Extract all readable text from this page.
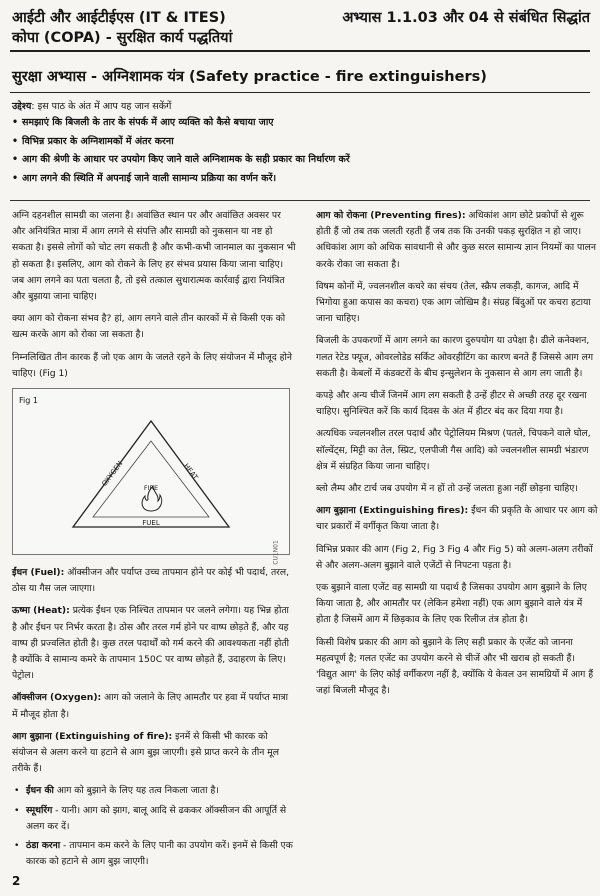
आईटी और आईटीईएस (IT & ITES)
कोपा (COPA) - सुरक्षित कार्य पद्धतियां
अभ्यास 1.1.03 और 04 से संबंधित सिद्धांत
सुरक्षा अभ्यास - अग्निशामक यंत्र (Safety practice - fire extinguishers)
उद्देश्य: इस पाठ के अंत में आप यह जान सकेंगें
• समझाएं कि बिजली के तार के संपर्क में आए व्यक्ति को कैसे बचाया जाए
• विभिन्न प्रकार के अग्निशामकों में अंतर करना
• आग की श्रेणी के आधार पर उपयोग किए जाने वाले अग्निशामक के सही प्रकार का निर्धारण करें
• आग लगने की स्थिति में अपनाई जाने वाली सामान्य प्रक्रिया का वर्णन करें।

अग्नि दहनशील सामग्री का जलना है। अवांछित स्थान पर और अवांछित अवसर पर और अनियंत्रित मात्रा में आग लगने से संपत्ति और सामग्री को नुकसान या नष्ट हो सकता है। इससे लोगों को चोट लग सकती है और कभी-कभी जानमाल का नुकसान भी हो सकता है। इसलिए, आग को रोकने के लिए हर संभव प्रयास किया जाना चाहिए। जब आग लगने का पता चलता है, तो इसे तत्काल सुधारात्मक कार्रवाई द्वारा नियंत्रित और बुझाया जाना चाहिए।

क्या आग को रोकना संभव है? हां, आग लगने वाले तीन कारकों में से किसी एक को खत्म करके आग को रोका जा सकता है।

निम्नलिखित तीन कारक हैं जो एक आग के जलते रहने के लिए संयोजन में मौजूद होने चाहिए। (Fig 1)

Fig 1
OXYGEN	HEAT
FIRE
FUEL
CU1N01

ईंधन (Fuel): ऑक्सीजन और पर्याप्त उच्च तापमान होने पर कोई भी पदार्थ, तरल, ठोस या गैस जल जाएगा।

ऊष्मा (Heat): प्रत्येक ईंधन एक निश्चित तापमान पर जलने लगेगा। यह भिन्न होता है और ईंधन पर निर्भर करता है। ठोस और तरल गर्म होने पर वाष्प छोड़ते हैं, और यह वाष्प ही प्रज्वलित होती है। कुछ तरल पदार्थों को गर्म करने की आवश्यकता नहीं होती है क्योंकि वे सामान्य कमरे के तापमान 150C पर वाष्प छोड़ते हैं, उदाहरण के लिए। पेट्रोल।

ऑक्सीजन (Oxygen): आग को जलाने के लिए आमतौर पर हवा में पर्याप्त मात्रा में मौजूद होता है।

आग बुझाना (Extinguishing of fire): इनमें से किसी भी कारक को संयोजन से अलग करने या हटाने से आग बुझ जाएगी। इसे प्राप्त करने के तीन मूल तरीके हैं।

• ईंधन की आग को बुझाने के लिए यह तत्व निकला जाता है।
• स्मूथरिंग - यानी। आग को झाग, बालू आदि से ढककर ऑक्सीजन की आपूर्ति से अलग कर दें।
• ठंडा करना - तापमान कम करने के लिए पानी का उपयोग करें। इनमें से किसी एक कारक को हटाने से आग बुझ जाएगी।

आग को रोकना (Preventing fires): अधिकांश आग छोटे प्रकोपों से शुरू होती हैं जो तब तक जलती रहती हैं जब तक कि उनकी पकड़ सुरक्षित न हो जाए। अधिकांश आग को अधिक सावधानी से और कुछ सरल सामान्य ज्ञान नियमों का पालन करके रोका जा सकता है।

विषम कोनों में, ज्वलनशील कचरे का संचय (तेल, स्क्रैप लकड़ी, कागज, आदि में भिगोया हुआ कपास का कचरा) एक आग जोखिम है। संग्रह बिंदुओं पर कचरा हटाया जाना चाहिए।

बिजली के उपकरणों में आग लगने का कारण दुरुपयोग या उपेक्षा है। ढीले कनेक्शन, गलत रेटेड फ्यूज, ओवरलोडेड सर्किट ओवरहीटिंग का कारण बनते हैं जिससे आग लग सकती है। केबलों में कंडक्टरों के बीच इन्सुलेशन के नुकसान से आग लग जाती है।

कपड़े और अन्य चीजें जिनमें आग लग सकती है उन्हें हीटर से अच्छी तरह दूर रखना चाहिए। सुनिश्चित करें कि कार्य दिवस के अंत में हीटर बंद कर दिया गया है।

अत्यधिक ज्वलनशील तरल पदार्थ और पेट्रोलियम मिश्रण (पतले, चिपकने वाले घोल, सॉल्वेंट्स, मिट्टी का तेल, स्प्रिट, एलपीजी गैस आदि) को ज्वलनशील सामग्री भंडारण क्षेत्र में संग्रहित किया जाना चाहिए।

ब्लो लैम्प और टार्च जब उपयोग में न हों तो उन्हें जलता हुआ नहीं छोड़ना चाहिए।

आग बुझाना (Extinguishing fires): ईंधन की प्रकृति के आधार पर आग को चार प्रकारों में वर्गीकृत किया जाता है।

विभिन्न प्रकार की आग (Fig 2, Fig 3 Fig 4 और Fig 5) को अलग-अलग तरीकों से और अलग-अलग बुझाने वाले एजेंटों से निपटना पड़ता है।

एक बुझाने वाला एजेंट वह सामग्री या पदार्थ है जिसका उपयोग आग बुझाने के लिए किया जाता है, और आमतौर पर (लेकिन हमेशा नहीं) एक आग बुझाने वाले यंत्र में होता है जिसमें आग में छिड़काव के लिए एक रिलीज तंत्र होता है।

किसी विशेष प्रकार की आग को बुझाने के लिए सही प्रकार के एजेंट को जानना महत्वपूर्ण है; गलत एजेंट का उपयोग करने से चीजें और भी खराब हो सकती हैं। 'विद्युत आग' के लिए कोई वर्गीकरण नहीं है, क्योंकि ये केवल उन सामग्रियों में आग हैं जहां बिजली मौजूद है।

2
